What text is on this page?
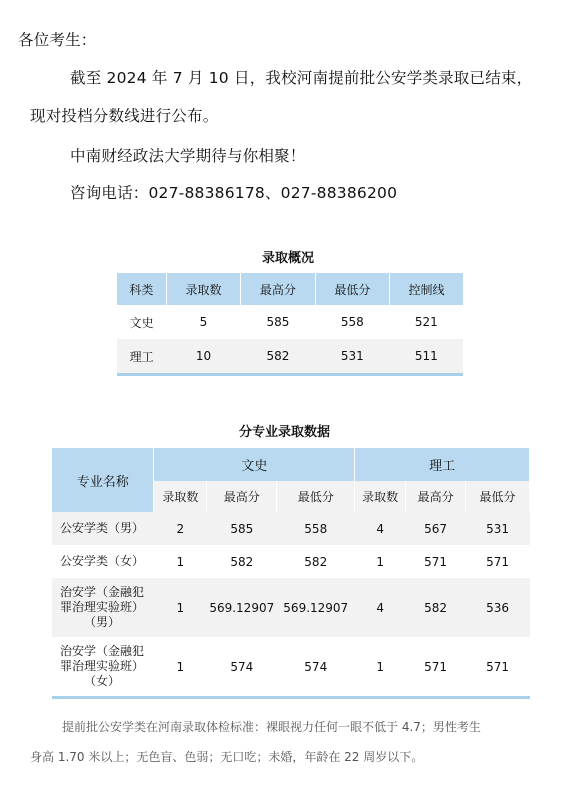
各位考生：
截至 2024 年 7 月 10 日，我校河南提前批公安学类录取已结束，
现对投档分数线进行公布。
中南财经政法大学期待与你相聚！
咨询电话：027-88386178、027-88386200
录取概况
科类	录取数	最高分	最低分	控制线
文史	5	585	558	521
理工	10	582	531	511
分专业录取数据
专业名称	文史			理工		
	录取数	最高分	最低分	录取数	最高分	最低分
公安学类（男）	2	585	558	4	567	531
公安学类（女）	1	582	582	1	571	571

治安学（金融犯
罪治理实验班）
（男）	1	569.12907	569.12907	4	582	536

治安学（金融犯
罪治理实验班）
（女）	1	574	574	1	571	571
提前批公安学类在河南录取体检标准：裸眼视力任何一眼不低于 4.7；男性考生
身高 1.70 米以上；无色盲、色弱；无口吃；未婚，年龄在 22 周岁以下。
